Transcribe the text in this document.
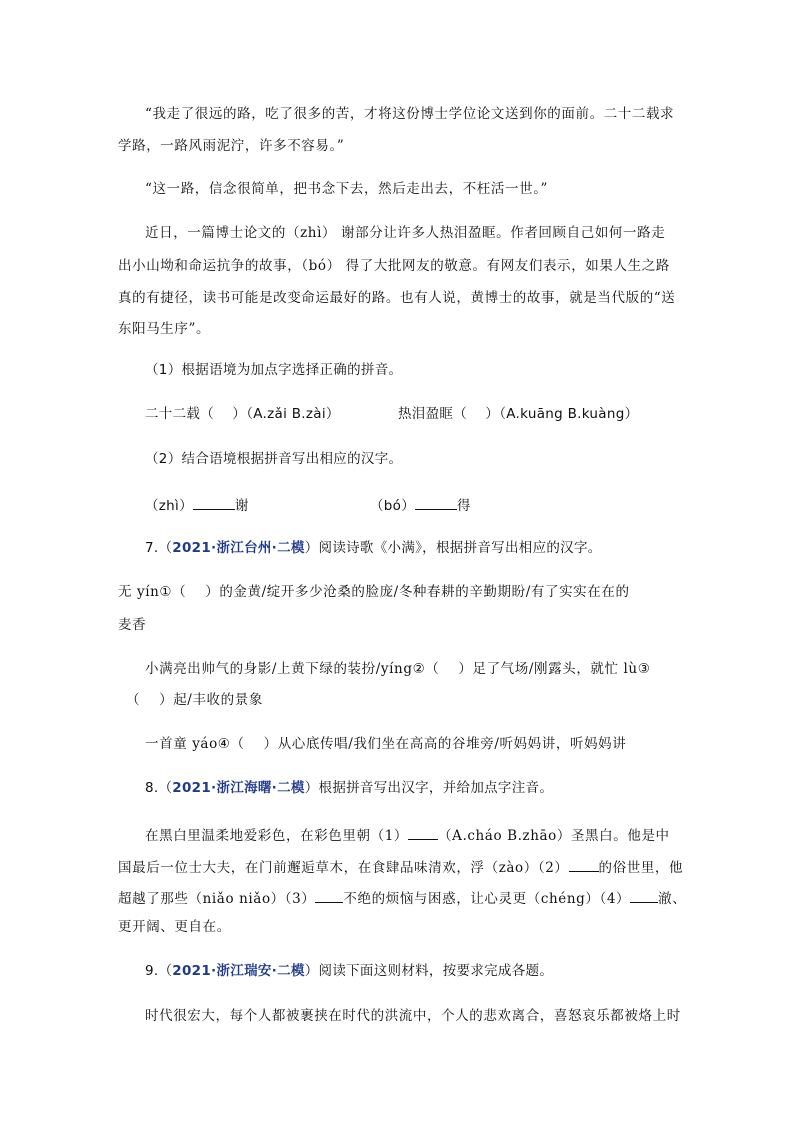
“我走了很远的路，吃了很多的苦，才将这份博士学位论文送到你的面前。二十二载求
学路，一路风雨泥泞，许多不容易。”
“这一路，信念很简单，把书念下去，然后走出去，不枉活一世。”
近日，一篇博士论文的（zhì） 谢部分让许多人热泪盈眶。作者回顾自己如何一路走
出小山坳和命运抗争的故事，（bó） 得了大批网友的敬意。有网友们表示，如果人生之路
真的有捷径，读书可能是改变命运最好的路。也有人说，黄博士的故事，就是当代版的“送
东阳马生序”。
（1）根据语境为加点字选择正确的拼音。
二十二载（　 ）（A.zǎi B.zài）	热泪盈眶（　 ）（A.kuāng B.kuàng）
（2）结合语境根据拼音写出相应的汉字。
（zhì）	谢	（bó）	得
7.（2021·浙江台州·二模）阅读诗歌《小满》，根据拼音写出相应的汉字。
无 yín①（　 ）的金黄/绽开多少沧桑的脸庞/冬种春耕的辛勤期盼/有了实实在在的
麦香
小满亮出帅气的身影/上黄下绿的装扮/yíng②（　 ）足了气场/刚露头，就忙 lù③
（　 ）起/丰收的景象
一首童 yáo④（　 ）从心底传唱/我们坐在高高的谷堆旁/听妈妈讲，听妈妈讲
8.（2021·浙江海曙·二模）根据拼音写出汉字，并给加点字注音。
在黑白里温柔地爱彩色，在彩色里朝（1） （A.cháo B.zhāo）圣黑白。他是中
国最后一位士大夫，在门前邂逅草木，在食肆品味清欢，浮（zào）（2） 的俗世里，他
超越了那些（niǎo niǎo）（3） 不绝的烦恼与困惑，让心灵更（chéng）（4） 澈、
更开阔、更自在。
9.（2021·浙江瑞安·二模）阅读下面这则材料，按要求完成各题。
时代很宏大，每个人都被裹挟在时代的洪流中，个人的悲欢离合，喜怒哀乐都被烙上时
